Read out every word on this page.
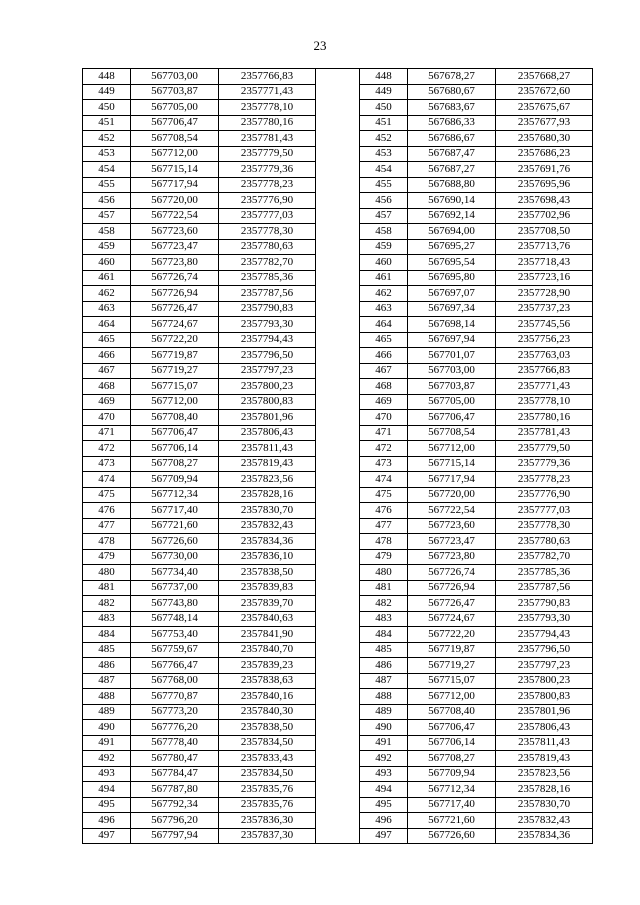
23
448	567703,00	2357766,83		448	567678,27	2357668,27
449	567703,87	2357771,43		449	567680,67	2357672,60
450	567705,00	2357778,10		450	567683,67	2357675,67
451	567706,47	2357780,16		451	567686,33	2357677,93
452	567708,54	2357781,43		452	567686,67	2357680,30
453	567712,00	2357779,50		453	567687,47	2357686,23
454	567715,14	2357779,36		454	567687,27	2357691,76
455	567717,94	2357778,23		455	567688,80	2357695,96
456	567720,00	2357776,90		456	567690,14	2357698,43
457	567722,54	2357777,03		457	567692,14	2357702,96
458	567723,60	2357778,30		458	567694,00	2357708,50
459	567723,47	2357780,63		459	567695,27	2357713,76
460	567723,80	2357782,70		460	567695,54	2357718,43
461	567726,74	2357785,36		461	567695,80	2357723,16
462	567726,94	2357787,56		462	567697,07	2357728,90
463	567726,47	2357790,83		463	567697,34	2357737,23
464	567724,67	2357793,30		464	567698,14	2357745,56
465	567722,20	2357794,43		465	567697,94	2357756,23
466	567719,87	2357796,50		466	567701,07	2357763,03
467	567719,27	2357797,23		467	567703,00	2357766,83
468	567715,07	2357800,23		468	567703,87	2357771,43
469	567712,00	2357800,83		469	567705,00	2357778,10
470	567708,40	2357801,96		470	567706,47	2357780,16
471	567706,47	2357806,43		471	567708,54	2357781,43
472	567706,14	2357811,43		472	567712,00	2357779,50
473	567708,27	2357819,43		473	567715,14	2357779,36
474	567709,94	2357823,56		474	567717,94	2357778,23
475	567712,34	2357828,16		475	567720,00	2357776,90
476	567717,40	2357830,70		476	567722,54	2357777,03
477	567721,60	2357832,43		477	567723,60	2357778,30
478	567726,60	2357834,36		478	567723,47	2357780,63
479	567730,00	2357836,10		479	567723,80	2357782,70
480	567734,40	2357838,50		480	567726,74	2357785,36
481	567737,00	2357839,83		481	567726,94	2357787,56
482	567743,80	2357839,70		482	567726,47	2357790,83
483	567748,14	2357840,63		483	567724,67	2357793,30
484	567753,40	2357841,90		484	567722,20	2357794,43
485	567759,67	2357840,70		485	567719,87	2357796,50
486	567766,47	2357839,23		486	567719,27	2357797,23
487	567768,00	2357838,63		487	567715,07	2357800,23
488	567770,87	2357840,16		488	567712,00	2357800,83
489	567773,20	2357840,30		489	567708,40	2357801,96
490	567776,20	2357838,50		490	567706,47	2357806,43
491	567778,40	2357834,50		491	567706,14	2357811,43
492	567780,47	2357833,43		492	567708,27	2357819,43
493	567784,47	2357834,50		493	567709,94	2357823,56
494	567787,80	2357835,76		494	567712,34	2357828,16
495	567792,34	2357835,76		495	567717,40	2357830,70
496	567796,20	2357836,30		496	567721,60	2357832,43
497	567797,94	2357837,30		497	567726,60	2357834,36
